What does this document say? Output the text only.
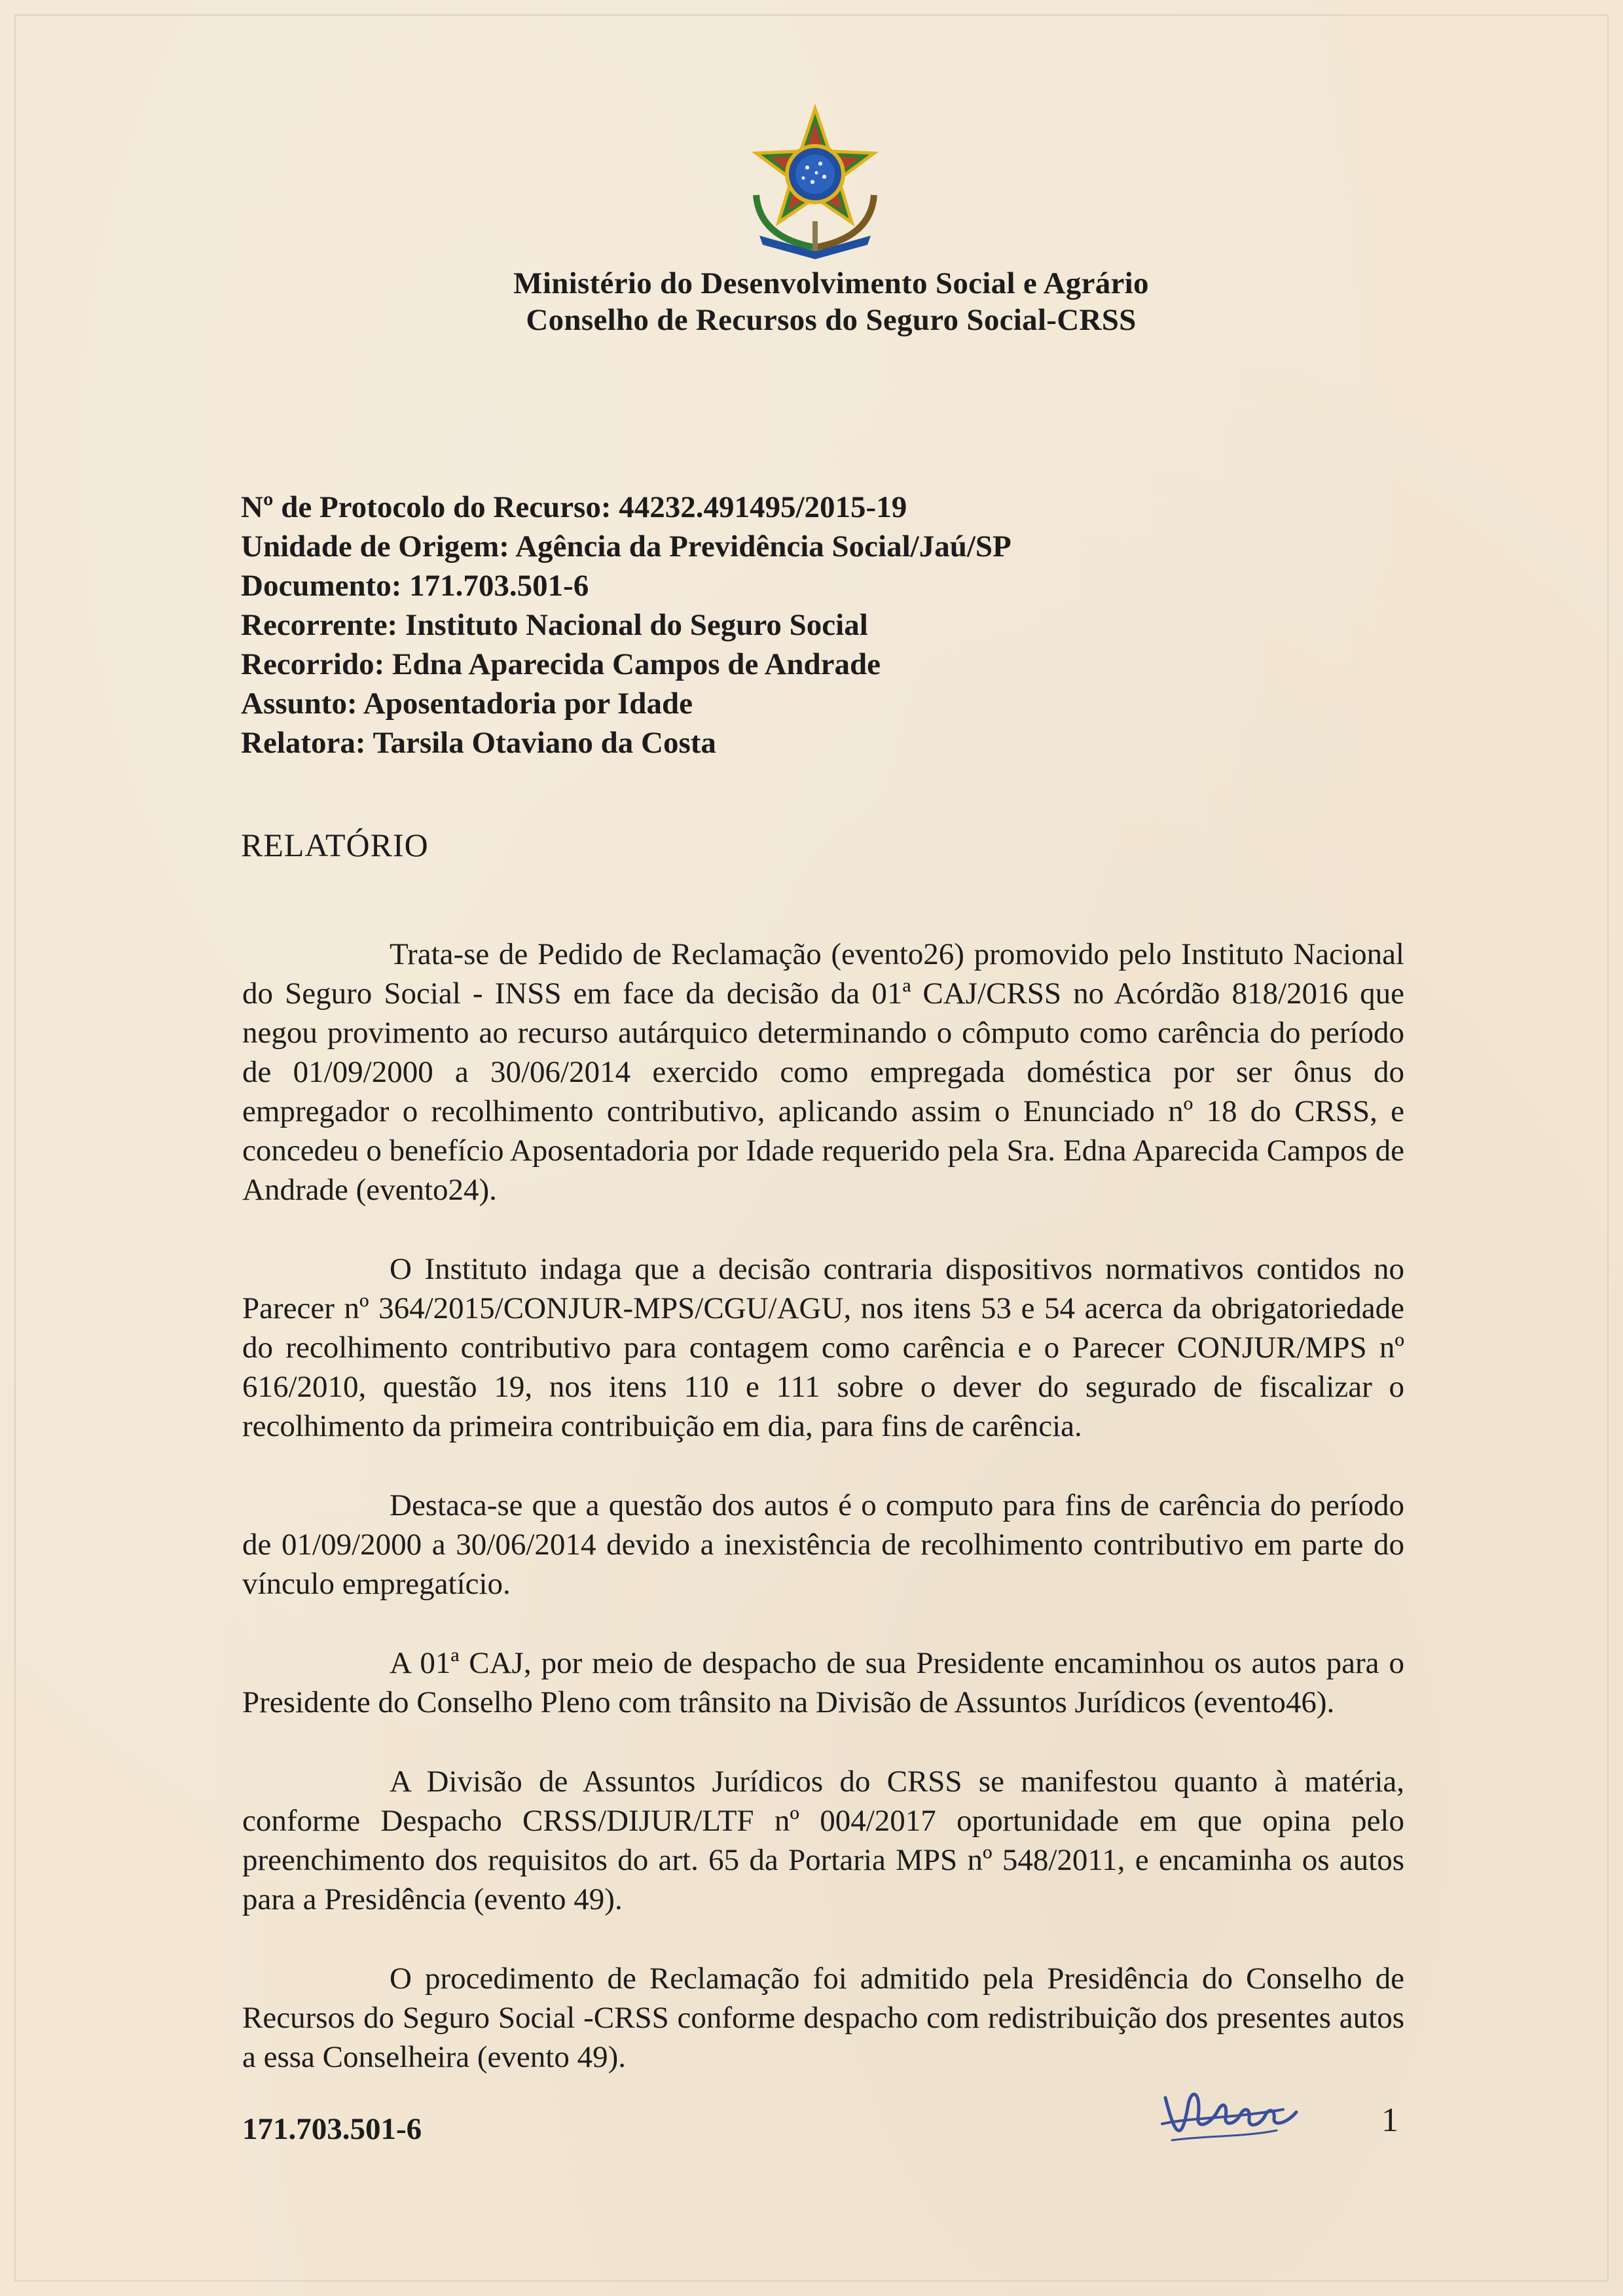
Ministério do Desenvolvimento Social e Agrário
Conselho de Recursos do Seguro Social-CRSS
Nº de Protocolo do Recurso: 44232.491495/2015-19
Unidade de Origem: Agência da Previdência Social/Jaú/SP
Documento: 171.703.501-6
Recorrente: Instituto Nacional do Seguro Social
Recorrido: Edna Aparecida Campos de Andrade
Assunto: Aposentadoria por Idade
Relatora: Tarsila Otaviano da Costa
RELATÓRIO

Trata-se de Pedido de Reclamação (evento26) promovido pelo Instituto Nacional do Seguro Social - INSS em face da decisão da 01ª CAJ/CRSS no Acórdão 818/2016 que negou provimento ao recurso autárquico determinando o cômputo como carência do período de 01/09/2000 a 30/06/2014 exercido como empregada doméstica por ser ônus do empregador o recolhimento contributivo, aplicando assim o Enunciado nº 18 do CRSS, e concedeu o benefício Aposentadoria por Idade requerido pela Sra. Edna Aparecida Campos de Andrade (evento24).

O Instituto indaga que a decisão contraria dispositivos normativos contidos no Parecer nº 364/2015/CONJUR-MPS/CGU/AGU, nos itens 53 e 54 acerca da obrigatoriedade do recolhimento contributivo para contagem como carência e o Parecer CONJUR/MPS nº 616/2010, questão 19, nos itens 110 e 111 sobre o dever do segurado de fiscalizar o recolhimento da primeira contribuição em dia, para fins de carência.

Destaca-se que a questão dos autos é o computo para fins de carência do período de 01/09/2000 a 30/06/2014 devido a inexistência de recolhimento contributivo em parte do vínculo empregatício.

A 01ª CAJ, por meio de despacho de sua Presidente encaminhou os autos para o Presidente do Conselho Pleno com trânsito na Divisão de Assuntos Jurídicos (evento46).

A Divisão de Assuntos Jurídicos do CRSS se manifestou quanto à matéria, conforme Despacho CRSS/DIJUR/LTF nº 004/2017 oportunidade em que opina pelo preenchimento dos requisitos do art. 65 da Portaria MPS nº 548/2011, e encaminha os autos para a Presidência (evento 49).

O procedimento de Reclamação foi admitido pela Presidência do Conselho de Recursos do Seguro Social -CRSS conforme despacho com redistribuição dos presentes autos a essa Conselheira (evento 49).

171.703.501-6	1
